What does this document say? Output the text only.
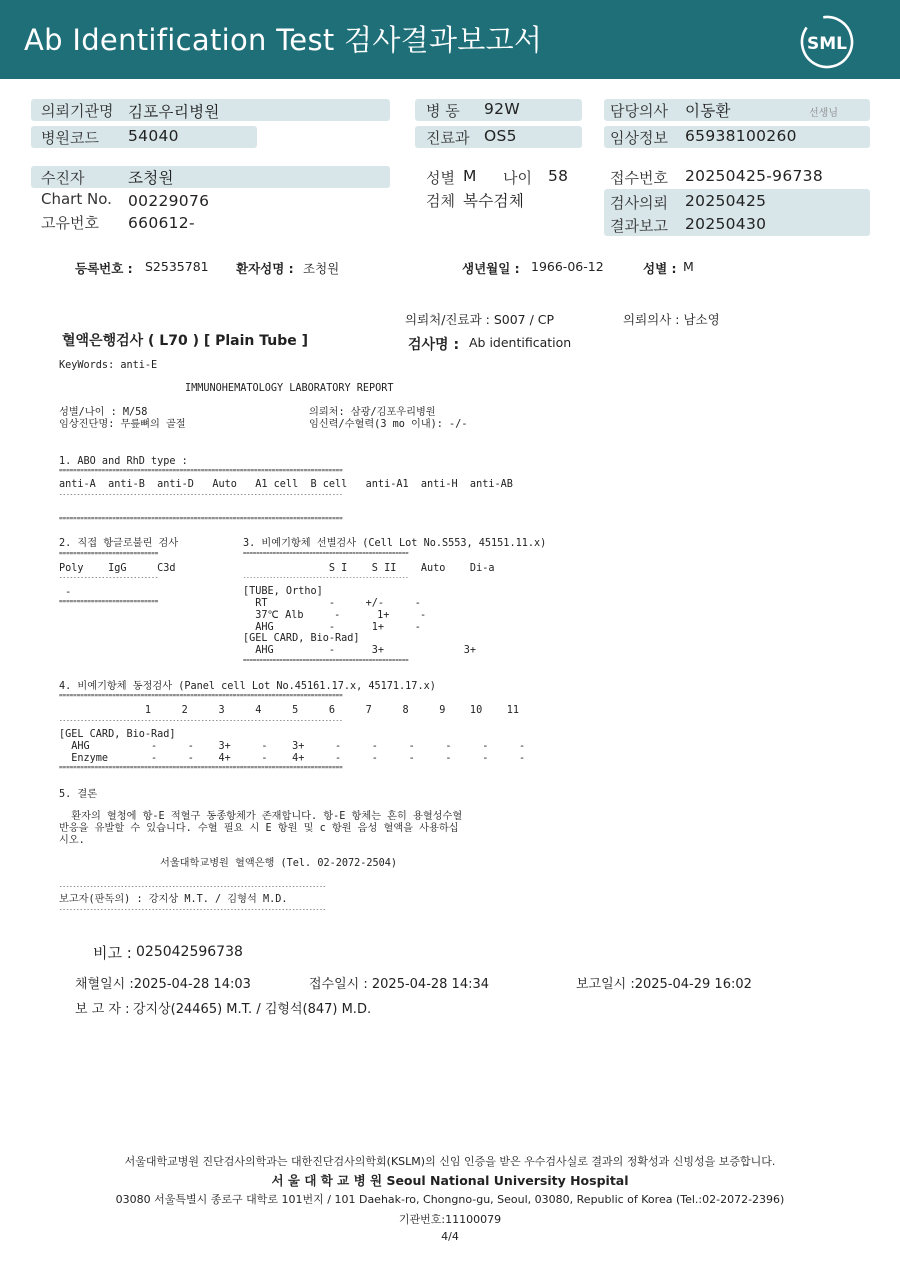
Ab Identification Test 검사결과보고서	SML
의뢰기관명 김포우리병원
병원코드 54040
병 동 92W
진료과 OS5
담당의사 이동환	선생님
임상정보 65938100260
수진자	조청원
Chart No. 00229076
고유번호 660612-
성별 M 나이 58
검체 복수검체
접수번호 20250425-96738
검사의뢰 20250425
결과보고 20250430
등록번호 : S2535781 환자성명 : 조청원	생년월일 : 1966-06-12	성별 : M
의뢰처/진료과 : S007 / CP	의뢰의사 : 남소영
혈액은행검사 ( L70 ) [ Plain Tube ]	검사명 : Ab identification
KeyWords: anti-E
IMMUNOHEMATOLOGY LABORATORY REPORT
성별/나이 : M/58
임상진단명: 무릎뼈의 골절
의뢰처: 삼광/김포우리병원
임신력/수혈력(3 mo 이내): -/-
1. ABO and RhD type :
================================================================================
anti-A  anti-B  anti-D   Auto   A1 cell  B cell   anti-A1  anti-H  anti-AB
--------------------------------------------------------------------------------
================================================================================
2. 직접 항글로불린 검사
============================
Poly    IgG     C3d
----------------------------
-
============================
3. 비예기항체 선별검사 (Cell Lot No.S553, 45151.11.x)
==================================================
S I    S II    Auto    Di-a
--------------------------------------------------
[TUBE, Ortho]
RT          -     +/-     -
37℃ Alb     -      1+     -
AHG         -      1+     -
[GEL CARD, Bio-Rad]
AHG         -      3+             3+
==================================================
4. 비예기항체 동정검사 (Panel cell Lot No.45161.17.x, 45171.17.x)
================================================================================
1     2     3     4     5     6     7     8     9    10    11
--------------------------------------------------------------------------------
[GEL CARD, Bio-Rad]
AHG          -     -    3+     -    3+     -     -     -     -     -     -
Enzyme       -     -    4+     -    4+     -     -     -     -     -     -
================================================================================
5. 결론
환자의 혈청에 항-E 적혈구 동종항체가 존재합니다. 항-E 항체는 흔히 용혈성수혈
반응을 유발할 수 있습니다. 수혈 필요 시 E 항원 및 c 항원 음성 혈액을 사용하십
시오.
서울대학교병원 혈액은행 (Tel. 02-2072-2504)
------------------------------------------------------------------------------
보고자(판독의) : 강지상 M.T. / 김형석 M.D.
------------------------------------------------------------------------------
비고 : 025042596738
채혈일시 :2025-04-28 14:03	접수일시 : 2025-04-28 14:34	보고일시 :2025-04-29 16:02
보 고 자 : 강지상(24465) M.T. / 김형석(847) M.D.
서울대학교병원 진단검사의학과는 대한진단검사의학회(KSLM)의 신임 인증을 받은 우수검사실로 결과의 정확성과 신빙성을 보증합니다.
서 울 대 학 교 병 원 Seoul National University Hospital
03080 서울특별시 종로구 대학로 101번지 / 101 Daehak-ro, Chongno-gu, Seoul, 03080, Republic of Korea (Tel.:02-2072-2396)
기관번호:11100079
4/4
